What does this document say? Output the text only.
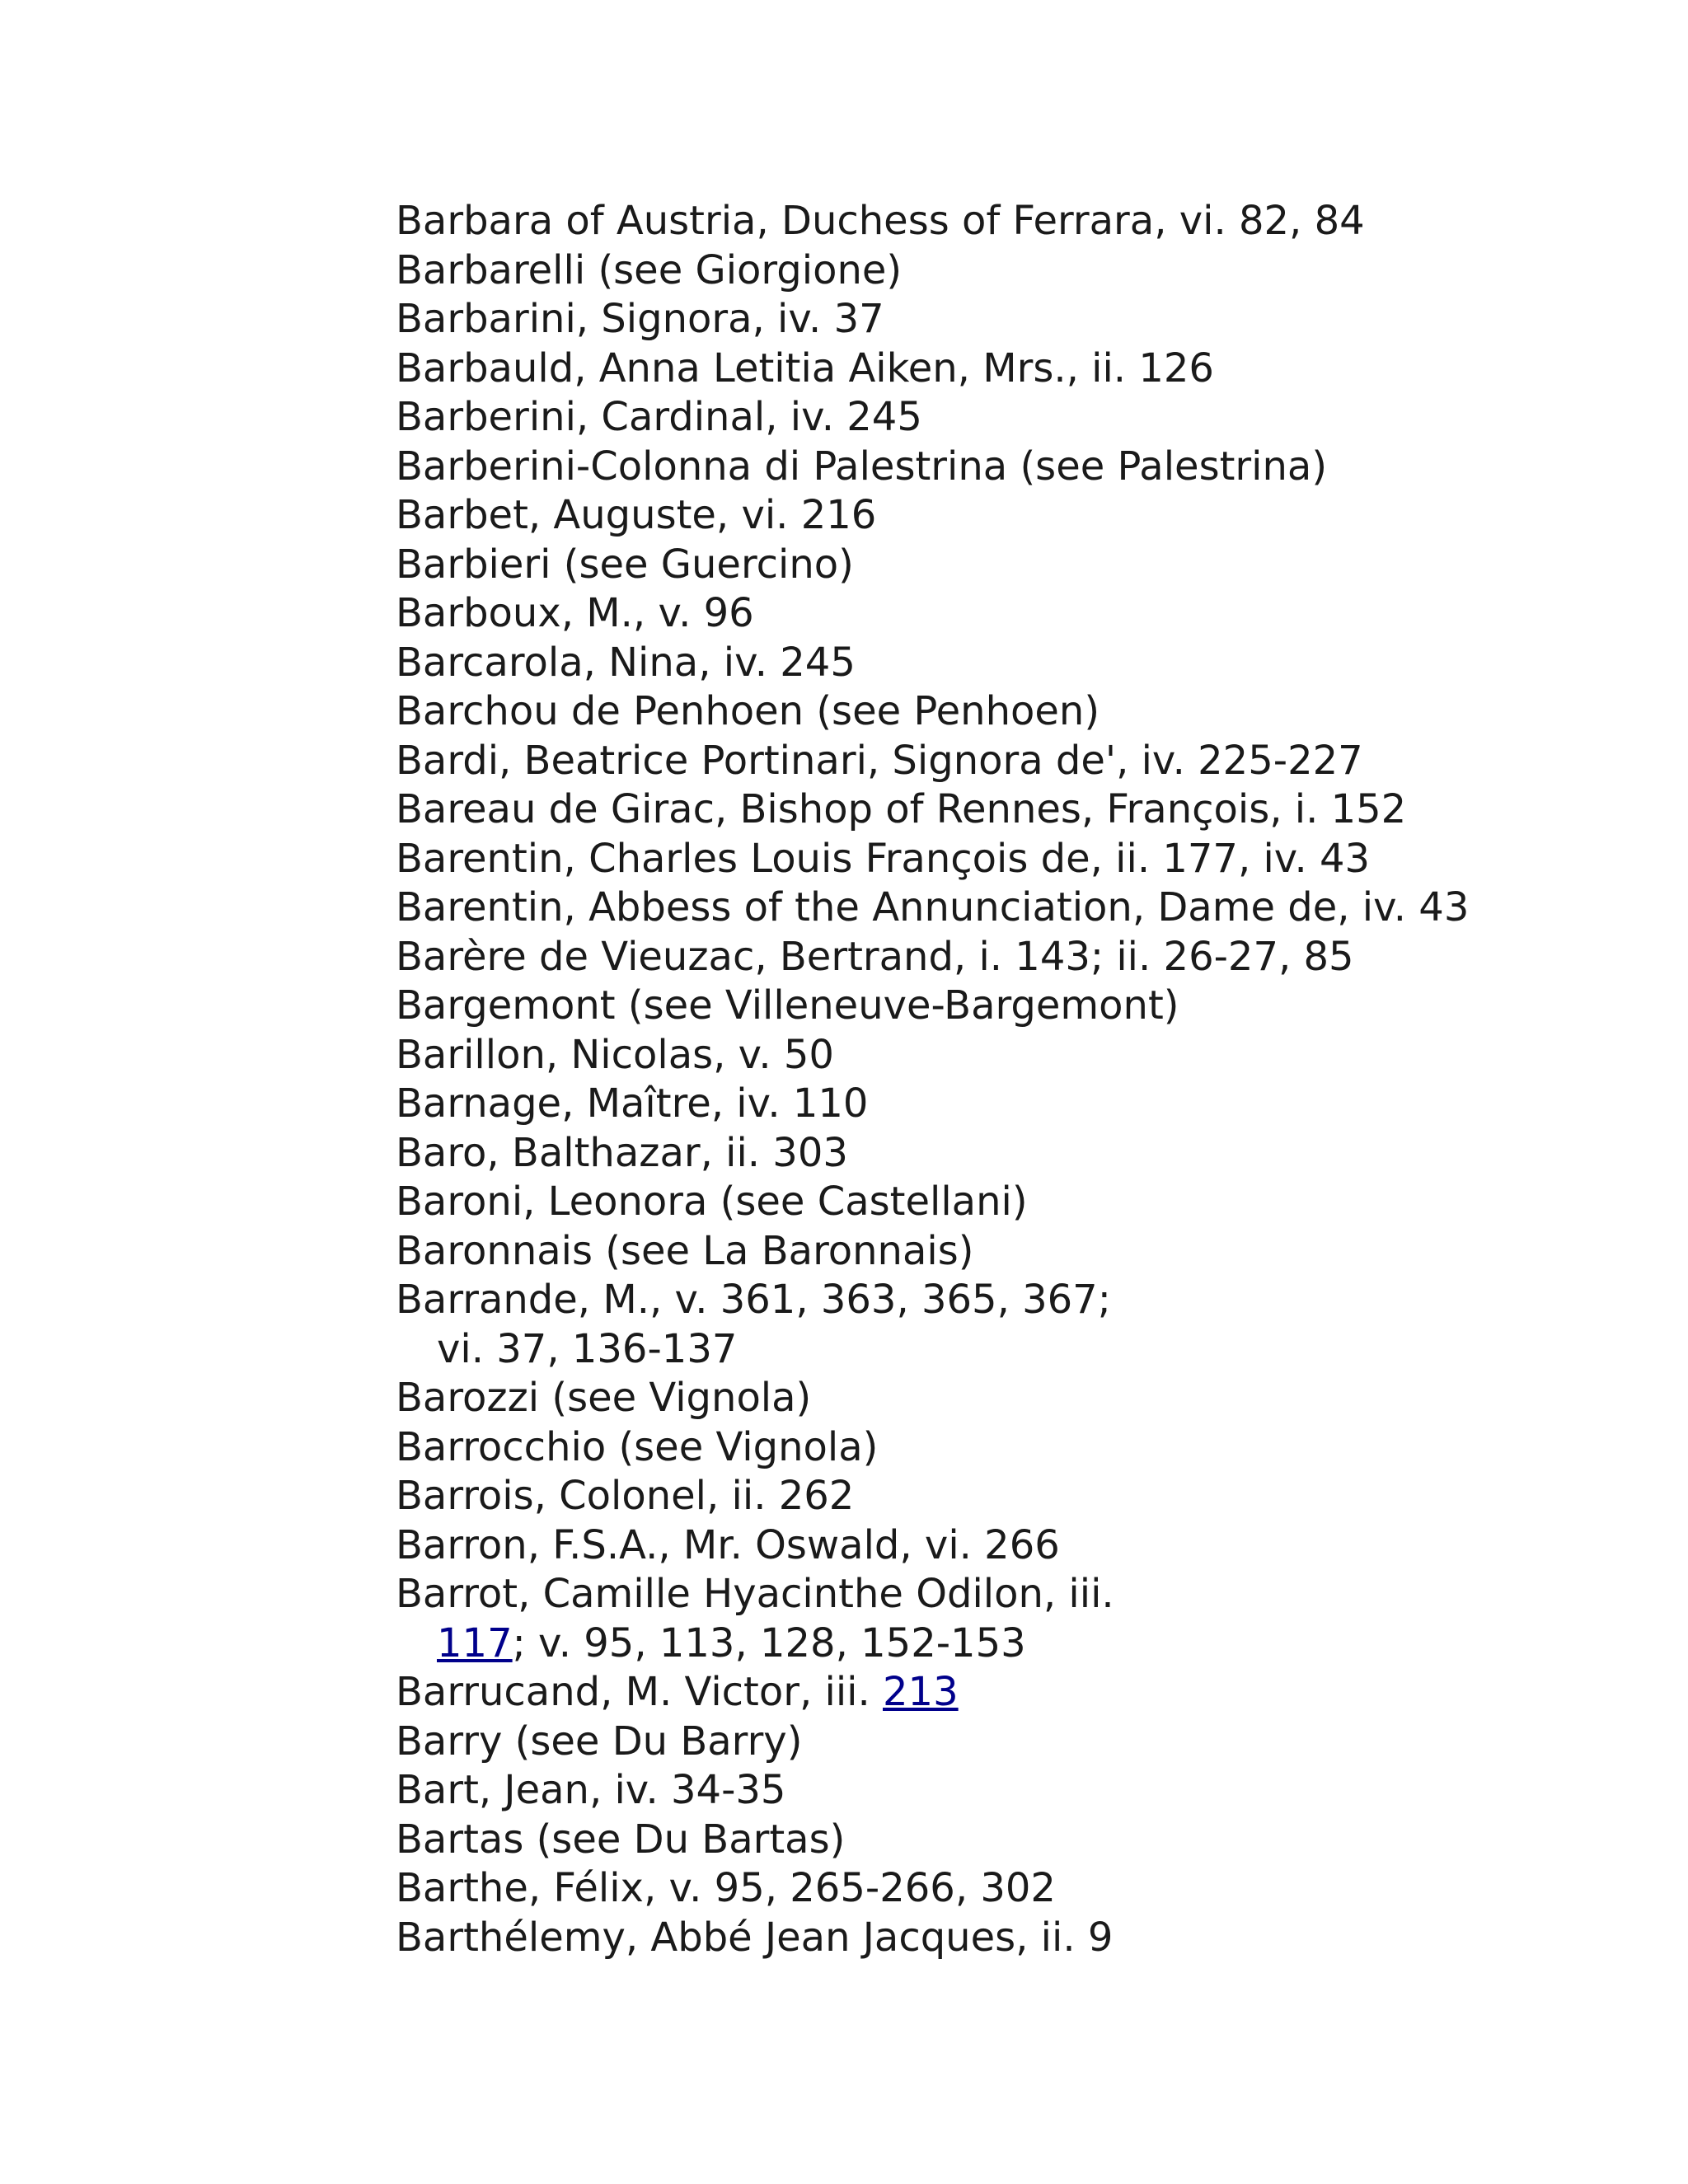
Barbara of Austria, Duchess of Ferrara, vi. 82, 84
Barbarelli (see Giorgione)
Barbarini, Signora, iv. 37
Barbauld, Anna Letitia Aiken, Mrs., ii. 126
Barberini, Cardinal, iv. 245
Barberini-Colonna di Palestrina (see Palestrina)
Barbet, Auguste, vi. 216
Barbieri (see Guercino)
Barboux, M., v. 96
Barcarola, Nina, iv. 245
Barchou de Penhoen (see Penhoen)
Bardi, Beatrice Portinari, Signora de', iv. 225-227
Bareau de Girac, Bishop of Rennes, François, i. 152
Barentin, Charles Louis François de, ii. 177, iv. 43
Barentin, Abbess of the Annunciation, Dame de, iv. 43
Barère de Vieuzac, Bertrand, i. 143; ii. 26-27, 85
Bargemont (see Villeneuve-Bargemont)
Barillon, Nicolas, v. 50
Barnage, Maître, iv. 110
Baro, Balthazar, ii. 303
Baroni, Leonora (see Castellani)
Baronnais (see La Baronnais)
Barrande, M., v. 361, 363, 365, 367;
vi. 37, 136-137
Barozzi (see Vignola)
Barrocchio (see Vignola)
Barrois, Colonel, ii. 262
Barron, F.S.A., Mr. Oswald, vi. 266
Barrot, Camille Hyacinthe Odilon, iii.
117; v. 95, 113, 128, 152-153
Barrucand, M. Victor, iii. 213
Barry (see Du Barry)
Bart, Jean, iv. 34-35
Bartas (see Du Bartas)
Barthe, Félix, v. 95, 265-266, 302
Barthélemy, Abbé Jean Jacques, ii. 9
